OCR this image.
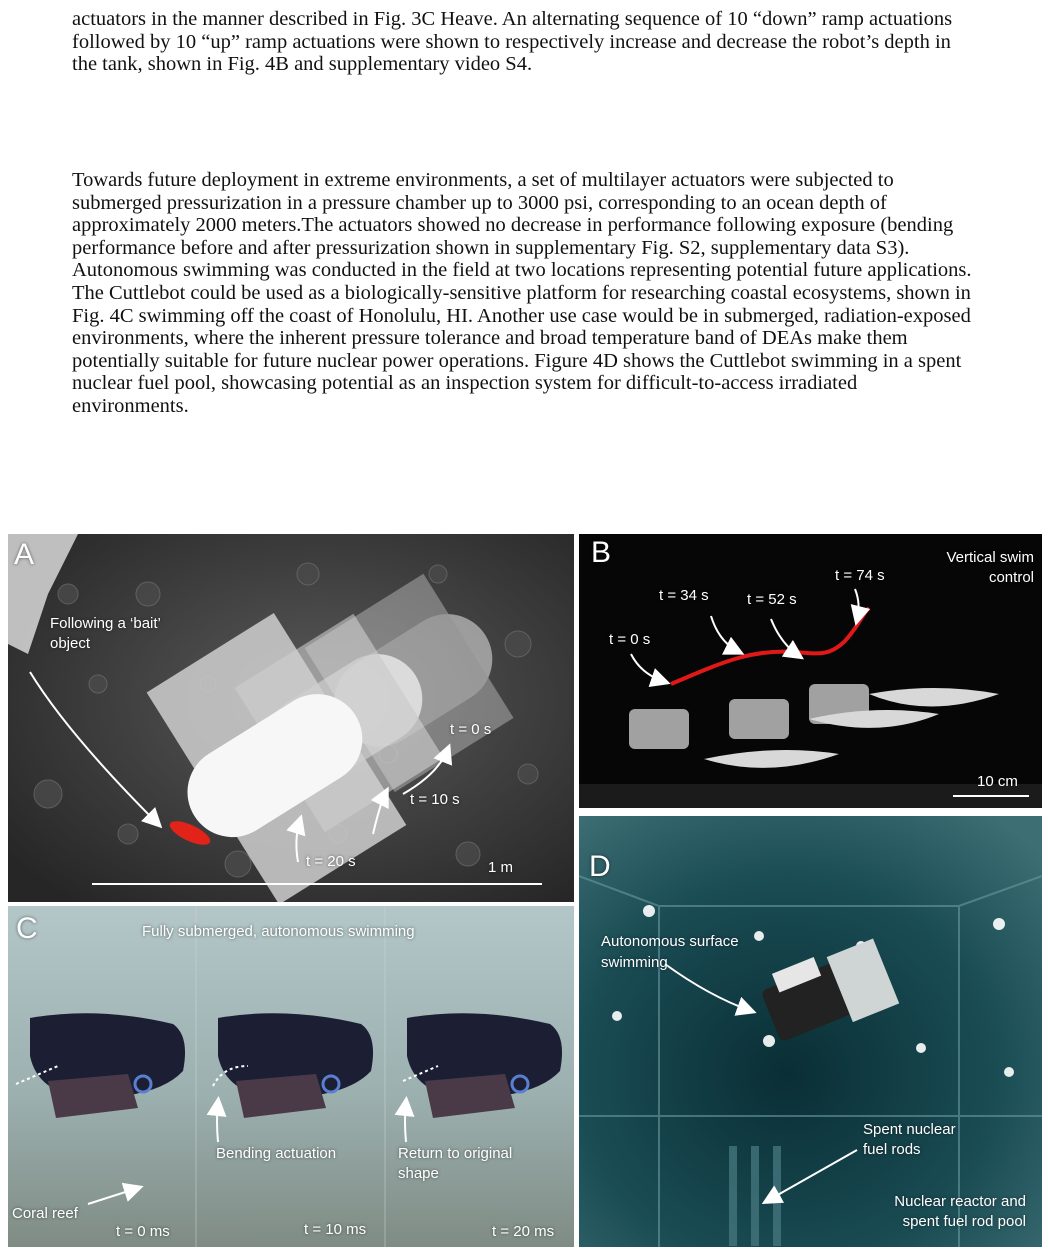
actuators in the manner described in Fig. 3C Heave. An alternating sequence of 10 “down” ramp actuations followed by 10 “up” ramp actuations were shown to respectively increase and decrease the robot’s depth in the tank, shown in Fig. 4B and supplementary video S4.

Towards future deployment in extreme environments, a set of multilayer actuators were subjected to submerged pressurization in a pressure chamber up to 3000 psi, corresponding to an ocean depth of approximately 2000 meters.The actuators showed no decrease in performance following exposure (bending performance before and after pressurization shown in supplementary Fig. S2, supplementary data S3). Autonomous swimming was conducted in the field at two locations representing potential future applications. The Cuttlebot could be used as a biologically-sensitive platform for researching coastal ecosystems, shown in Fig. 4C swimming off the coast of Honolulu, HI. Another use case would be in submerged, radiation-exposed environments, where the inherent pressure tolerance and broad temperature band of DEAs make them potentially suitable for future nuclear power operations. Figure 4D shows the Cuttlebot swimming in a spent nuclear fuel pool, showcasing potential as an inspection system for difficult-to-access irradiated environments.

A
Following a ‘bait’
object
t = 0 s
t = 10 s
t = 20 s	1 m
B	Vertical swim
control
t = 0 s
t = 34 s	t = 52 s
t = 74 s
10 cm
C	Fully submerged, autonomous swimming
Bending actuation	Return to original
shape
Coral reef
t = 0 ms	t = 10 ms	t = 20 ms
D
Autonomous surface
swimming
Spent nuclear
fuel rods
Nuclear reactor and
spent fuel rod pool
